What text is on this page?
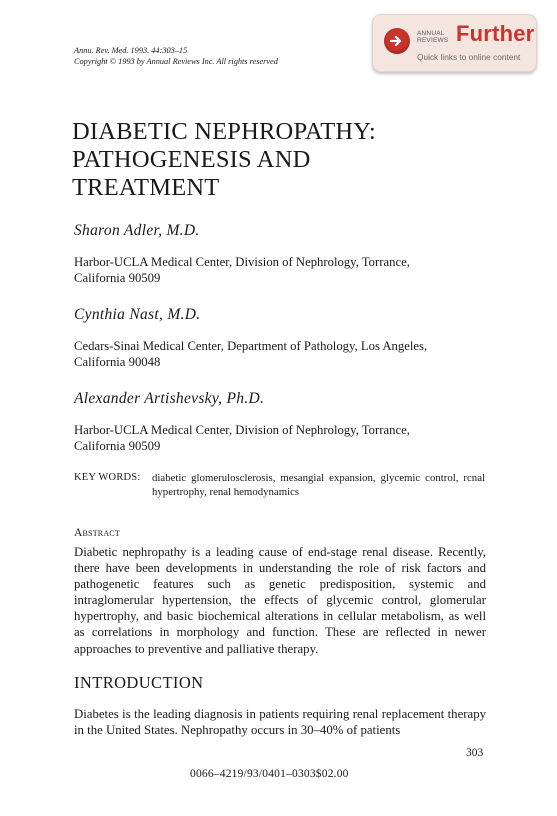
Annu. Rev. Med. 1993. 44:303–15
Copyright © 1993 by Annual Reviews Inc. All rights reserved
ANNUAL
REVIEWS Further
Quick links to online content
DIABETIC NEPHROPATHY:
PATHOGENESIS AND
TREATMENT
Sharon Adler, M.D.
Harbor-UCLA Medical Center, Division of Nephrology, Torrance,
California 90509
Cynthia Nast, M.D.
Cedars-Sinai Medical Center, Department of Pathology, Los Angeles,
California 90048
Alexander Artishevsky, Ph.D.
Harbor-UCLA Medical Center, Division of Nephrology, Torrance,
California 90509
KEY WORDS: diabetic glomerulosclerosis, mesangial expansion, glycemic control, rcnal hypertrophy, renal hemodynamics
Abstract
Diabetic nephropathy is a leading cause of end-stage renal disease. Recently, there have been developments in understanding the role of risk factors and pathogenetic features such as genetic predisposition, systemic and intraglomerular hypertension, the effects of glycemic control, glomerular hypertrophy, and basic biochemical alterations in cellular metabolism, as well as correlations in morphology and function. These are reflected in newer approaches to preventive and palliative therapy.
INTRODUCTION
Diabetes is the leading diagnosis in patients requiring renal replacement therapy in the United States. Nephropathy occurs in 30–40% of patients
303
0066–4219/93/0401–0303$02.00
